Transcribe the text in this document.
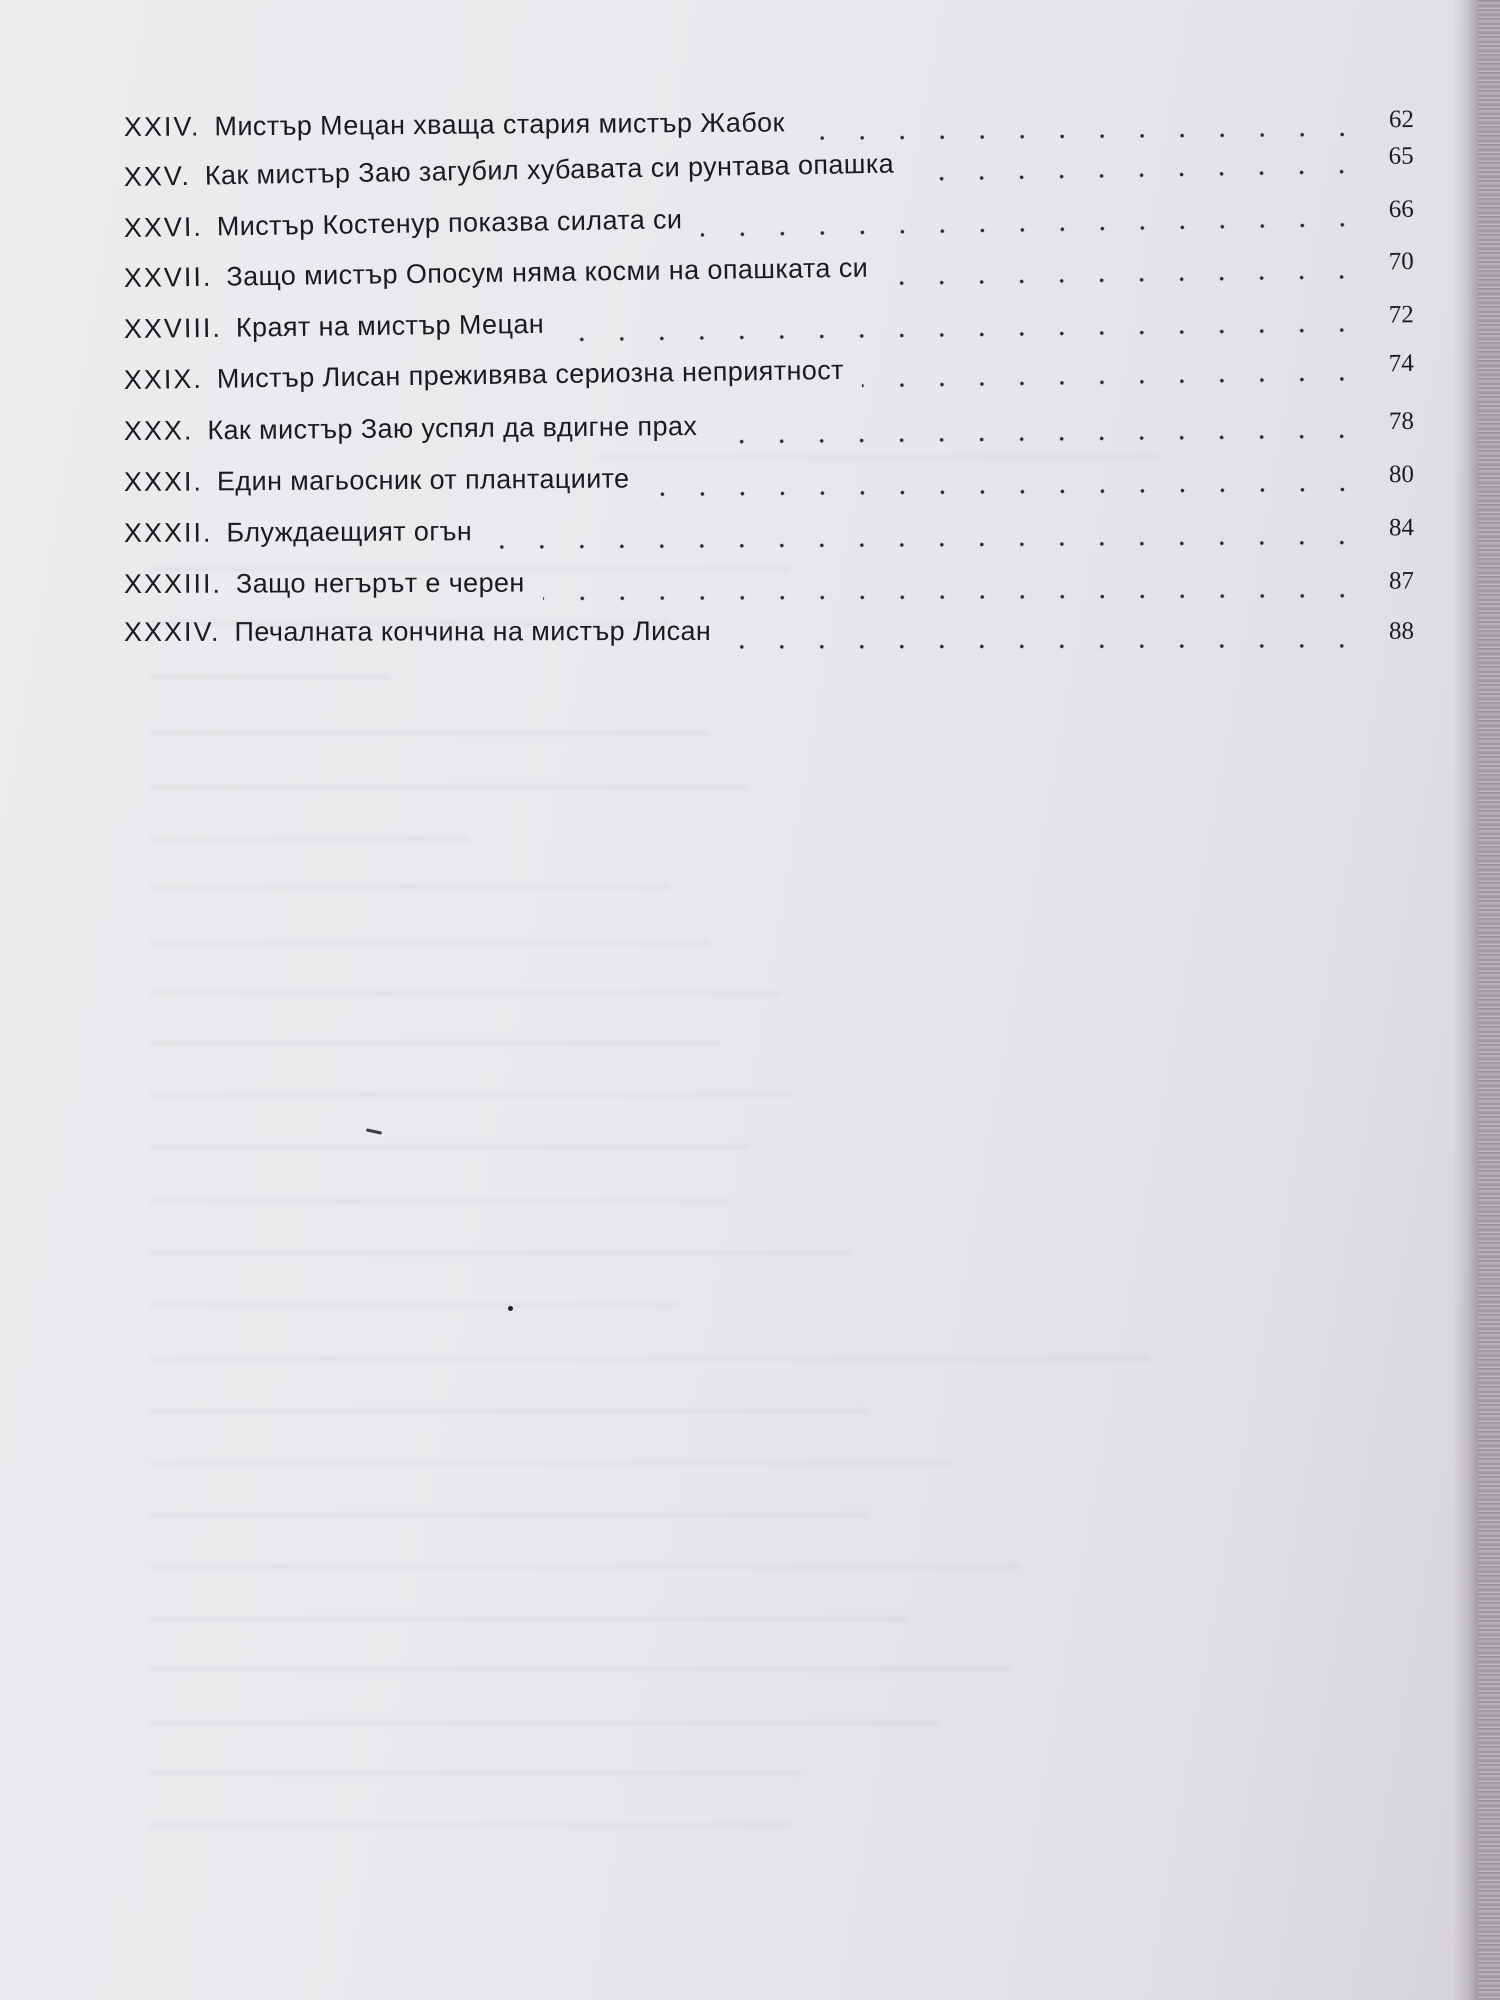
XXIV. Мистър Мецан хваща стария мистър Жабок	62
XXV. Как мистър Заю загубил хубавата си рунтава опашка	65
XXVI. Мистър Костенур показва силата си	66
XXVII. Защо мистър Опосум няма косми на опашката си	70
XXVIII. Краят на мистър Мецан	72
XXIX. Мистър Лисан преживява сериозна неприятност	74
XXX. Как мистър Заю успял да вдигне прах	78
XXXI. Един магьосник от плантациите	80
XXXII. Блуждаещият огън	84
XXXIII. Защо негърът е черен	87
XXXIV. Печалната кончина на мистър Лисан	88
